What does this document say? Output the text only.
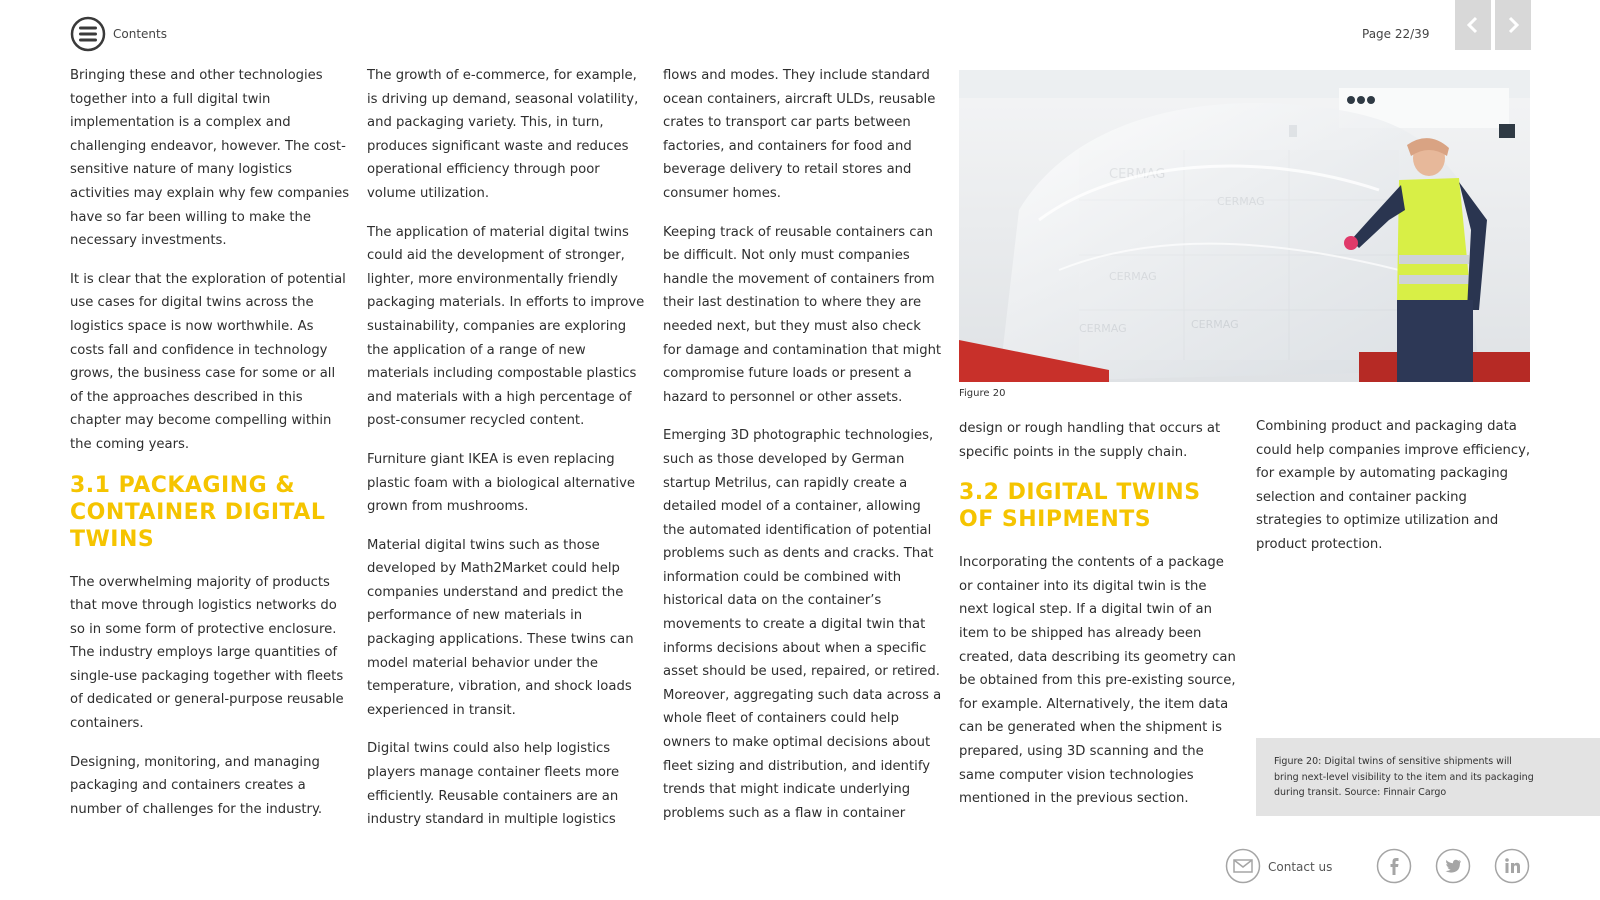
Contents	Page 22/39

Bringing these and other technologies together into a full digital twin implementation is a complex and challenging endeavor, however. The cost-sensitive nature of many logistics activities may explain why few companies have so far been willing to make the necessary investments.

It is clear that the exploration of potential use cases for digital twins across the logistics space is now worthwhile. As costs fall and confidence in technology grows, the business case for some or all of the approaches described in this chapter may become compelling within the coming years.

3.1 PACKAGING & CONTAINER DIGITAL TWINS

The overwhelming majority of products that move through logistics networks do so in some form of protective enclosure. The industry employs large quantities of single-use packaging together with fleets of dedicated or general-purpose reusable containers.

Designing, monitoring, and managing packaging and containers creates a number of challenges for the industry.

The growth of e-commerce, for example, is driving up demand, seasonal volatility, and packaging variety. This, in turn, produces significant waste and reduces operational efficiency through poor volume utilization.

The application of material digital twins could aid the development of stronger, lighter, more environmentally friendly packaging materials. In efforts to improve sustainability, companies are exploring the application of a range of new materials including compostable plastics and materials with a high percentage of post-consumer recycled content.

Furniture giant IKEA is even replacing plastic foam with a biological alternative grown from mushrooms.

Material digital twins such as those developed by Math2Market could help companies understand and predict the performance of new materials in packaging applications. These twins can model material behavior under the temperature, vibration, and shock loads experienced in transit.

Digital twins could also help logistics players manage container fleets more efficiently. Reusable containers are an industry standard in multiple logistics

flows and modes. They include standard ocean containers, aircraft ULDs, reusable crates to transport car parts between factories, and containers for food and beverage delivery to retail stores and consumer homes.

Keeping track of reusable containers can be difficult. Not only must companies handle the movement of containers from their last destination to where they are needed next, but they must also check for damage and contamination that might compromise future loads or present a hazard to personnel or other assets.

Emerging 3D photographic technologies, such as those developed by German startup Metrilus, can rapidly create a detailed model of a container, allowing the automated identification of potential problems such as dents and cracks. That information could be combined with historical data on the container’s movements to create a digital twin that informs decisions about when a specific asset should be used, repaired, or retired. Moreover, aggregating such data across a whole fleet of containers could help owners to make optimal decisions about fleet sizing and distribution, and identify trends that might indicate underlying problems such as a flaw in container

Figure 20

design or rough handling that occurs at specific points in the supply chain.

3.2 DIGITAL TWINS OF SHIPMENTS

Incorporating the contents of a package or container into its digital twin is the next logical step. If a digital twin of an item to be shipped has already been created, data describing its geometry can be obtained from this pre-existing source, for example. Alternatively, the item data can be generated when the shipment is prepared, using 3D scanning and the same computer vision technologies mentioned in the previous section.

Combining product and packaging data could help companies improve efficiency, for example by automating packaging selection and container packing strategies to optimize utilization and product protection.

Figure 20: Digital twins of sensitive shipments will bring next-level visibility to the item and its packaging during transit. Source: Finnair Cargo
Contact us
